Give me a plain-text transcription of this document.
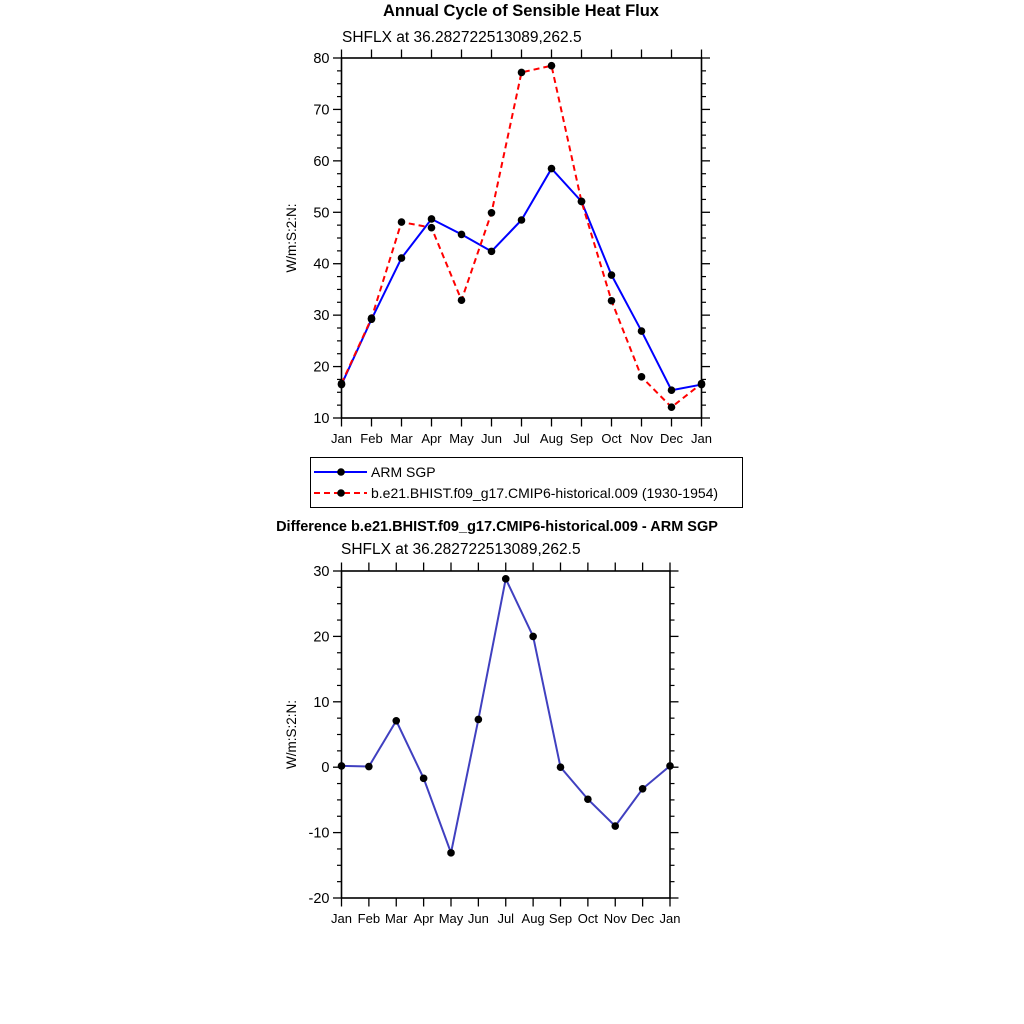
10
20
30
40
50
60
70
80
Jan Feb Mar Apr May Jun Jul Aug Sep Oct Nov Dec Jan
W/m:S:2:N:
-20
-10
0
10
20
30
Jan Feb Mar Apr May Jun Jul Aug Sep Oct Nov Dec Jan
W/m:S:2:N:
Annual Cycle of Sensible Heat Flux
SHFLX at 36.282722513089,262.5
ARM SGP
b.e21.BHIST.f09_g17.CMIP6-historical.009 (1930-1954)
Difference b.e21.BHIST.f09_g17.CMIP6-historical.009 - ARM SGP
SHFLX at 36.282722513089,262.5
